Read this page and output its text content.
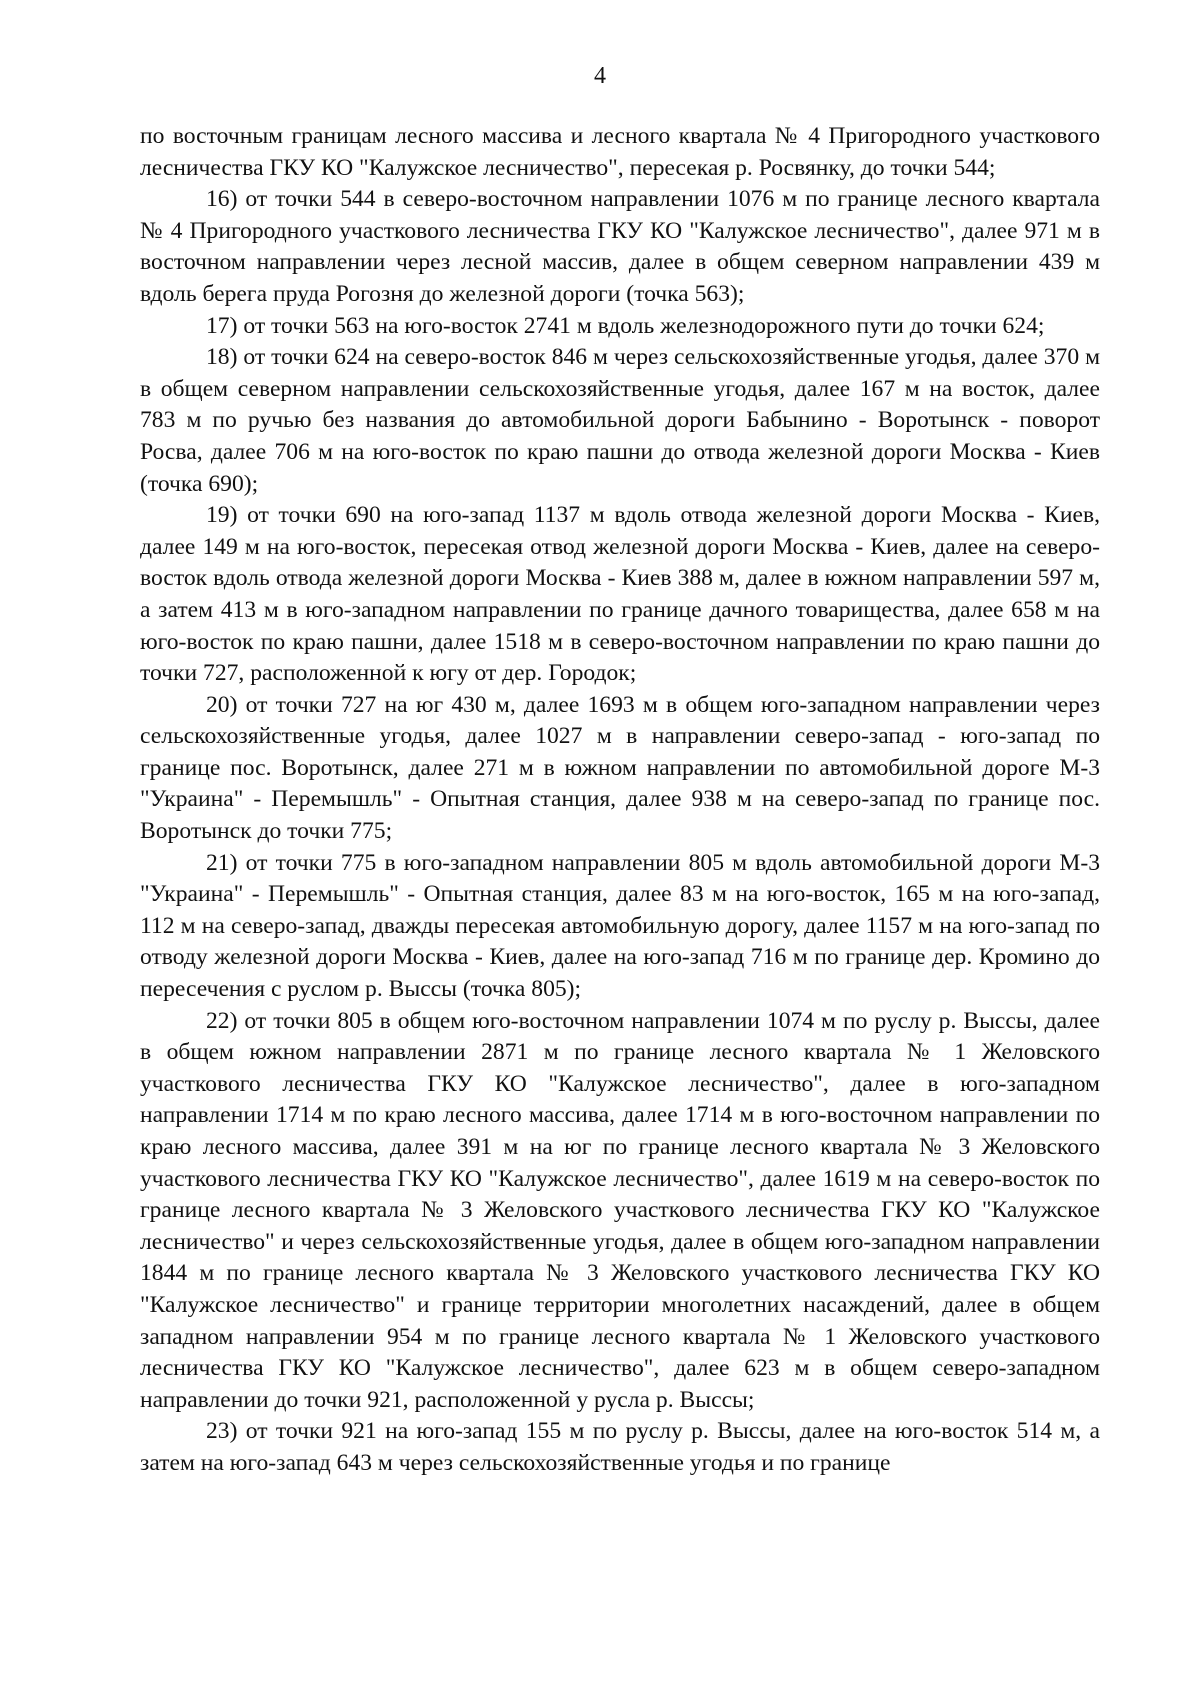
4

по восточным границам лесного массива и лесного квартала № 4 Пригородного участкового лесничества ГКУ КО "Калужское лесничество", пересекая р. Росвянку, до точки 544;

16) от точки 544 в северо-восточном направлении 1076 м по границе лесного квартала № 4 Пригородного участкового лесничества ГКУ КО "Калужское лесничество", далее 971 м в восточном направлении через лесной массив, далее в общем северном направлении 439 м вдоль берега пруда Рогозня до железной дороги (точка 563);

17) от точки 563 на юго-восток 2741 м вдоль железнодорожного пути до точки 624;

18) от точки 624 на северо-восток 846 м через сельскохозяйственные угодья, далее 370 м в общем северном направлении сельскохозяйственные угодья, далее 167 м на восток, далее 783 м по ручью без названия до автомобильной дороги Бабынино - Воротынск - поворот Росва, далее 706 м на юго-восток по краю пашни до отвода железной дороги Москва - Киев (точка 690);

19) от точки 690 на юго-запад 1137 м вдоль отвода железной дороги Москва - Киев, далее 149 м на юго-восток, пересекая отвод железной дороги Москва - Киев, далее на северо-восток вдоль отвода железной дороги Москва - Киев 388 м, далее в южном направлении 597 м, а затем 413 м в юго-западном направлении по границе дачного товарищества, далее 658 м на юго-восток по краю пашни, далее 1518 м в северо-восточном направлении по краю пашни до точки 727, расположенной к югу от дер. Городок;

20) от точки 727 на юг 430 м, далее 1693 м в общем юго-западном направлении через сельскохозяйственные угодья, далее 1027 м в направлении северо-запад - юго-запад по границе пос. Воротынск, далее 271 м в южном направлении по автомобильной дороге М-3 "Украина" - Перемышль" - Опытная станция, далее 938 м на северо-запад по границе пос. Воротынск до точки 775;

21) от точки 775 в юго-западном направлении 805 м вдоль автомобильной дороги М-3 "Украина" - Перемышль" - Опытная станция, далее 83 м на юго-восток, 165 м на юго-запад, 112 м на северо-запад, дважды пересекая автомобильную дорогу, далее 1157 м на юго-запад по отводу железной дороги Москва - Киев, далее на юго-запад 716 м по границе дер. Кромино до пересечения с руслом р. Выссы (точка 805);

22) от точки 805 в общем юго-восточном направлении 1074 м по руслу р. Выссы, далее в общем южном направлении 2871 м по границе лесного квартала № 1 Желовского участкового лесничества ГКУ КО "Калужское лесничество", далее в юго-западном направлении 1714 м по краю лесного массива, далее 1714 м в юго-восточном направлении по краю лесного массива, далее 391 м на юг по границе лесного квартала № 3 Желовского участкового лесничества ГКУ КО "Калужское лесничество", далее 1619 м на северо-восток по границе лесного квартала № 3 Желовского участкового лесничества ГКУ КО "Калужское лесничество" и через сельскохозяйственные угодья, далее в общем юго-западном направлении 1844 м по границе лесного квартала № 3 Желовского участкового лесничества ГКУ КО "Калужское лесничество" и границе территории многолетних насаждений, далее в общем западном направлении 954 м по границе лесного квартала № 1 Желовского участкового лесничества ГКУ КО "Калужское лесничество", далее 623 м в общем северо-западном направлении до точки 921, расположенной у русла р. Выссы;

23) от точки 921 на юго-запад 155 м по руслу р. Выссы, далее на юго-восток 514 м, а затем на юго-запад 643 м через сельскохозяйственные угодья и по границе
